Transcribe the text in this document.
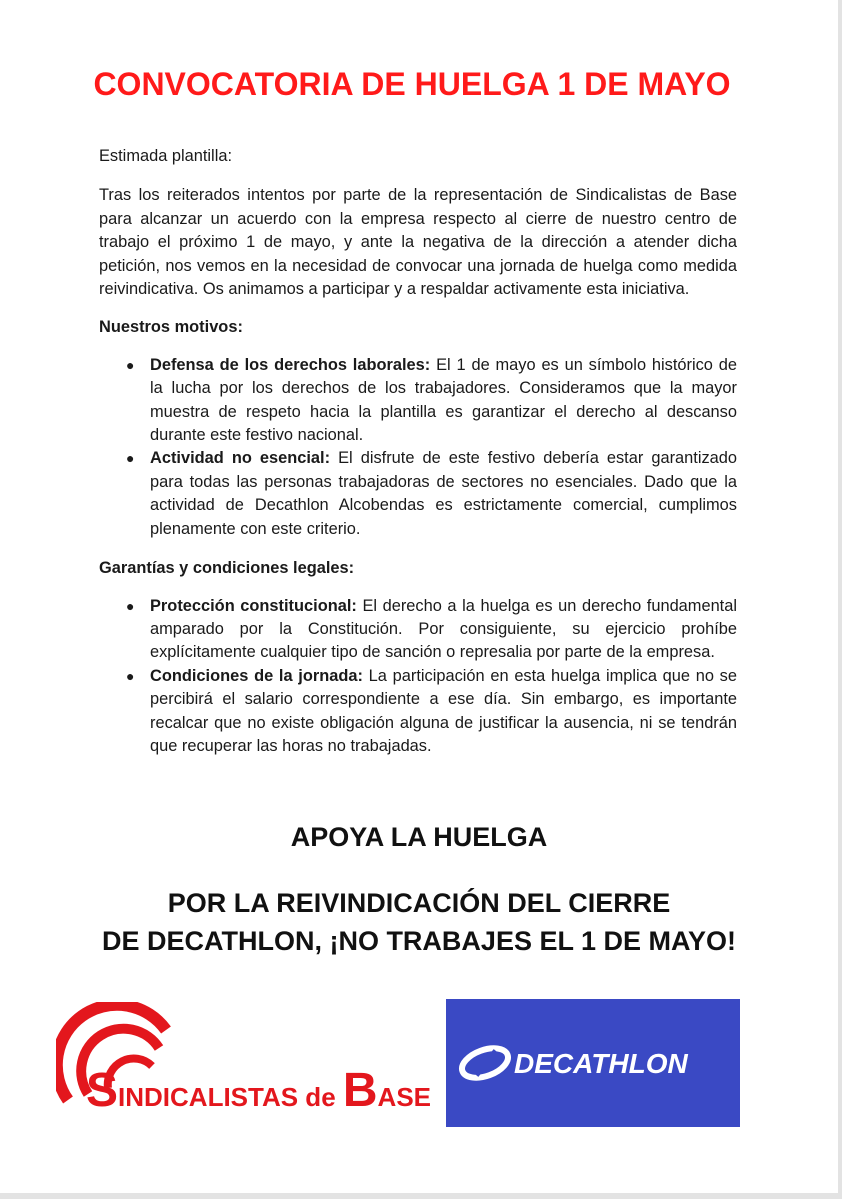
CONVOCATORIA DE HUELGA 1 DE MAYO

Estimada plantilla:

Tras los reiterados intentos por parte de la representación de Sindicalistas de Base para alcanzar un acuerdo con la empresa respecto al cierre de nuestro centro de trabajo el próximo 1 de mayo, y ante la negativa de la dirección a atender dicha petición, nos vemos en la necesidad de convocar una jornada de huelga como medida reivindicativa. Os animamos a participar y a respaldar activamente esta iniciativa.

Nuestros motivos:

● Defensa de los derechos laborales: El 1 de mayo es un símbolo histórico de la lucha por los derechos de los trabajadores. Consideramos que la mayor muestra de respeto hacia la plantilla es garantizar el derecho al descanso durante este festivo nacional.
● Actividad no esencial: El disfrute de este festivo debería estar garantizado para todas las personas trabajadoras de sectores no esenciales. Dado que la actividad de Decathlon Alcobendas es estrictamente comercial, cumplimos plenamente con este criterio.

Garantías y condiciones legales:

● Protección constitucional: El derecho a la huelga es un derecho fundamental amparado por la Constitución. Por consiguiente, su ejercicio prohíbe explícitamente cualquier tipo de sanción o represalia por parte de la empresa.
● Condiciones de la jornada: La participación en esta huelga implica que no se percibirá el salario correspondiente a ese día. Sin embargo, es importante recalcar que no existe obligación alguna de justificar la ausencia, ni se tendrán que recuperar las horas no trabajadas.
APOYA LA HUELGA
POR LA REIVINDICACIÓN DEL CIERRE
DE DECATHLON, ¡NO TRABAJES EL 1 DE MAYO!
SINDICALISTAS de BASE
DECATHLON
